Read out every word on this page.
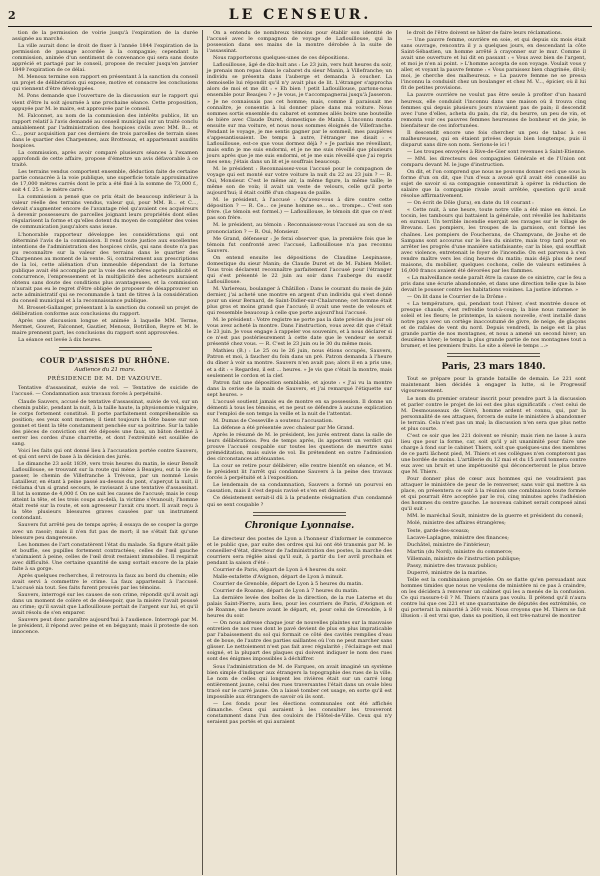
2	LE CENSEUR.

tion de la permission de voirie jusqu'à l'expiration de la durée assignée au marché.

La ville aurait donc le droit de fixer à l'année 1844 l'expiration de la permission de passage accordée à la compagnie; cependant la commission, animée d'un sentiment de convenance qui sera sans doute apprécié et partagé par le conseil, propose de reculer jusqu'en janvier 1849 l'expiration de ce délai.

M. Menoux termine son rapport en présentant à la sanction du conseil un projet de délibération qui expose, motive et consacre les conclusions qui viennent d'être développées.

M. Pons demande que l'ouverture de la discussion sur le rapport qui vient d'être lu soit ajournée à une prochaine séance. Cette proposition, appuyée par M. le maire, est approuvée par le conseil.

M. Falconnet, au nom de la commission des intérêts publics, lit un rapport relatif à l'avis demandé au conseil municipal sur un traité conclu amiablement par l'administration des hospices civils avec MM. B... et C..., pour acquisition par ces derniers de trois parcelles de terrain sises dans le quartier des Charpennes, aux Brotteaux, et appartenant auxdits hospices.

La commission, après avoir comparé plusieurs séances à l'examen approfondi de cette affaire, propose d'émettre un avis défavorable à ce traité.

Les terrains vendus comportent ensemble, déduction faite de certaine partie consacrée à la voie publique, une superficie totale approximative de 17,000 mètres carrés dont le prix a été fixé à la somme de 73,000 f., soit 4 f. 25 c. le mètre carré.

La commission a pensé que ce prix était de beaucoup inférieur à la valeur réelle des terrains vendus, valeur qui, pour MM. B... et C..., devait s'augmenter encore de l'avantage réel qu'avaient ces acquéreurs à devenir possesseurs de parcelles joignant leurs propriétés dont elles régularisent la forme et qu'elles dotent du moyen de compléter des voies de communication jusqu'alors sans issue.

L'honorable rapporteur développe les considérations qui ont déterminé l'avis de la commission. Il rend toute justice aux excellentes intentions de l'administration des hospices civils, qui sans doute n'a pas pu reconnaître sur la valeur des terrains dans le quartier des Charpennes au moment de la vente. Si, contrairement aux prescriptions de la loi, cette aliénation d'un immeuble dépendant de la fortune publique avait été accomplie par la voie des enchères après publicité et concurrence, l'empressement et la multiplicité des acheteurs auraient obtenu sans doute des conditions plus avantageuses, et la commission n'aurait pas eu le regret d'être obligée de proposer de désapprouver un acte administratif qui se recommande à tant de titres à la considération du conseil municipal et à la reconnaissance publique.

M. Brosset-Gallanger, présentant à la sanction du conseil un projet de délibération conforme aux conclusions du rapport.

Après une discussion longue et animée à laquelle MM. Terme, Mermet, Gouvet, Falconnet, Gautier, Menoux, Botrillon, Reyre et M. le maire prennent part, les conclusions du rapport sont approuvées.

La séance est levée à dix heures.

COUR D'ASSISES DU RHÔNE.
Audience du 21 mars.
PRÉSIDENCE DE M. DE VAZOUVE.

Tentative d'assassinat, suivie de vol. — Tentative de suicide de l'accusé. — Condamnation aux travaux forcés à perpétuité.

Claude Sauvers, accusé de tentative d'assassinat, suivie de vol, sur un chemin public, pendant la nuit, à la taille haute, la physionomie vulgaire, le corps fortement constitué. Il porte parfaitement compréhensible sa position; ses yeux sont mornes; il tient toujours la tête basse sur son gonnet et tient la tête constamment penchée sur sa poitrine. Sur la table des pièces de conviction ont été déposés une faux, un bâton destiné à serrer les cordes d'une charrette, et dont l'extrémité est souillée de sang.

Voici les faits qui ont donné lieu à l'accusation portée contre Sauvers, et qui ont servi de base à la décision des jurés.

Le dimanche 23 août 1839, vers trois heures du matin, le sieur Benoît Laflouillouse, se trouvant sur la route qui mène à Beaujeu, eut la vie de passer, le chemin de Villefranche à Trévoux, par un nommé Louis Latailleur, en étant à peine passé au-dessus du pont, s'aperçut la nuit, il réclama d'un si grand secours, le ravissant à une tentative d'assassinat. Il lut la somme de 4,000 f. On ne sait les causes de l'accusé; mais le coup atteint la tête, et les trois coups au-delà, la victime s'évanouit; l'homme était resté sur la route, et son agresseur l'avait cru mort. Il avait reçu à la tête plusieurs blessures graves causées par un instrument contondant.

Sauvers fut arrêté peu de temps après; il essaya de se couper la gorge avec un rasoir; mais il n'en fut pas de mort; il ne s'était fait qu'une blessure peu dangereuse.

Les hommes de l'art constatèrent l'état du malade. Sa figure était pâle et bouffie, ses pupilles fortement contractées; celles de l'œil gauche s'animaient à peine, celles de l'œil droit restaient immobiles. Il respirait avec difficulté. Une certaine quantité de sang sortait encore de la plaie faite à sa gorge.

Après quelques recherches, il retrouva la faux au bord du chemin; elle avait servi à commettre le crime. La faux appartenait à l'accusé. L'accusé nia tout. Ses faits furent prouvés par les témoins.

Sauvers, interrogé sur les causes de son crime, répondit qu'il avait agi dans un moment de colère et de désespoir, que la misère l'avait poussé au crime; qu'il savait que Laflouillouse portait de l'argent sur lui, et qu'il avait résolu de s'en emparer.

Sauvers peut donc paraître aujourd'hui à l'audience. Interrogé par M. le président, il répond avec peine et en bégayant; mais il proteste de son innocence.

On a entendu de nombreux témoins pour établir son identité de l'accusé avec le compagnon de voyage de Laflouillouse, qui la possession dans ses mains de la montre dérobée à la suite de l'assassinat.

Nous rapporterons quelques-unes de ces dépositions.

Laflouillouse, âgé de dix-huit ans : Le 23 juin, vers huit heures du soir, je prenais mon repas dans le cabaret du sieur Manin, à Villefranche; un individu se présenta dans l'auberge et demanda à coucher. La demoiselle lui répondit qu'il n'y avait plus de lit. L'étranger s'approcha alors de moi et me dit : « Eh bien ! petit Laflouillouse, partons-nous ensemble pour Beaujeu ? » Je vous, je t'accompagnerai jusqu'à Jasseron. » Je ne connaissais pas cet homme; mais, comme il paraissait me connaître, je consentis à lui donner place dans ma voiture. Nous sommes sortis ensemble du cabaret et sommes allés boire une bouteille de bière avec Claude Duret, domestique de Manin. L'inconnu monta ensuite sur ma voiture, et nous nous sommes éloignés de Villefranche. Pendant le voyage, je me sentis gagner par le sommeil, mes paupières s'appesantissaient. De temps à autre, l'étranger me disait : « Laflouillouse, est-ce que vous dormez déjà ? » Je parlais me réveillant, mais enfin je me suis endormi, et je ne me suis réveillé que plusieurs jours après que je me suis endormi, et je me suis réveillé que j'ai repris mes sens; j'étais dans un lit et je souffrais beaucoup.

M. le président : Reconnaissez-vous l'accusé pour le compagnon de voyage qui est monté sur votre voiture la nuit du 22 au 23 juin ? — R. Oui, Monsieur. C'est le même air, la même figure, la même taille; le même son de voix; il avait un veste de velours, celle qu'il porte aujourd'hui; il était coiffé d'un chapeau de paille.

M. le président, à l'accusé : Qu'avez-vous à dire contre cette déposition ? — R. Ce... ce jeune homme se... se... trompe... C'est son frère. (Le témoin est formel.) — Laflouillouse, le témoin dit que ce n'est pas son frère.

M. le président, au témoin : Reconnaissez-vous l'accusé au son de sa prononciation ? — R. Oui, Monsieur.

Me Grand, défenseur : Je ferai observer que, la première fois que le témoin fut confronté avec l'accusé, Laflouillouse n'a pas reconnu Sauvers.

On entend ensuite les dépositions de Claudine Lespinasse, domestique du sieur Manin; de Claude Duret et de M. Fabien Mollet. Tous trois déclarent reconnaître parfaitement l'accusé pour l'étranger qui s'est présenté le 22 juin au soir dans l'auberge du susdit Laflouillouse.

M. Varlereau, boulanger à Châtillon : Dans le courant du mois de juin dernier, j'ai acheté une montre en argent d'un individu qui s'est donné pour un sieur Bernard, de Saint-Didier-sur-Chalaronne; cet homme était plus gros et moins grand que l'accusé; il avait une veste de velours et qui ressemble beaucoup à celle que porte aujourd'hui l'accusé.

M. le président : Votre registre ne porte pas la date précise du jour où vous avez acheté la montre. Dans l'instruction, vous avez dit que c'était le 23 juin. Je vous engage à rappeler vos souvenirs, et à nous déclarer si ce n'est pas postérieurement à cette date que le vendeur se serait présenté chez vous. — R. C'est le 23 juin ou le 30 du même mois.

Mathieu (B.) : Le 25 ou le 26 juin, nous étions occupés, Sauvers, Patron et moi, à faucher du foin dans un pré. Patron demanda à l'heure du dîner à voir sa montre. Sauvers n'en avait pas; alors il en a pris une, et a dit : « Regardez, il est ... heures. » Je vis que c'était la montre, mais seulement le cordon et la clef.

Patron fait une déposition semblable, et ajoute : « J'ai vu la montre dans la cerise de la main de Sauvers, et j'ai remarqué l'étiquette sur sept heures. »

L'accusé soutient jamais eu de montre en sa possession. Il donne un démenti à tous les témoins, et ne peut se défendre à aucune explication sur l'emploi de son temps la veille et la nuit de l'attentat.

M. Dumas de Cesseville a soutenu l'accusation.

La défense a été présentée avec chaleur par Me Grand.

Après le résumé de M. le président, les jurés entrent dans la salle de leurs délibérations. Peu de temps après, ils apportent un verdict qui prouve l'accusé coupable sur toutes les questions de meurtre sans préméditation, mais suivie de vol. Ils prétendent en outre l'admission des circonstances atténuantes.

La cour se retire pour délibérer; elle rentre bientôt en séance, et M. le président lit l'arrêt qui condamne Sauvers à la peine des travaux forcés à perpétuité et à l'exposition.

Le lendemain de sa condamnation, Sauvers a formé un pourvoi en cassation, mais il s'est depuis ravisé et s'en est désisté.

Ce désistement serait-il dû à la prudente résignation d'un condamné qui se sent coupable ?

Chronique Lyonnaise.

Le directeur des postes de Lyon a l'honneur d'informer le commerce et le public que, par suite des ordres qui lui ont été transmis par M. le conseiller-d'état, directeur de l'administration des postes, la marche des courriers sera réglée ainsi qu'il suit, à partir du 1er avril prochain et pendant la saison d'été :

Courrier de Paris, départ de Lyon à 4 heures du soir.

Malle-estafette d'Avignon, départ de Lyon à minuit.

Courrier de Grenoble, départ de Lyon à 5 heures du matin.

Courrier de Roanne, départ de Lyon à 7 heures du matin.

La dernière levée des boîtes de la direction, de la rue Laterne et du palais Saint-Pierre, aura lieu, pour les courriers de Paris, d'Avignon et de Roanne, une heure avant le départ, et, pour celui de Grenoble, à 8 heures du soir.

— On nous adresse chaque jour de nouvelles plaintes sur la mauvaise entretien de nos rues dont le pavé devient de plus en plus impraticable par l'abaissement du sol qui formait ce côté des cavités remplies d'eau et de boue, de l'autre des parties saillantes où l'on ne peut marcher sans glisser. Le nettoiement n'est pas fait avec régularité ; l'éclairage est mal soigné, et la plupart des plaques qui doivent indiquer le nom des rues sont des énigmes impossibles à déchiffrer.

Sous l'administration de M. de Farques, on avait imaginé un système bien simple d'indiquer aux étrangers la topographie des rues de la ville. Le nom de celles qui longent les rivières était sur un carré long entièrement jaune, celui des rues traversantes l'était dans un ovale bleu tracé sur le carré jaune. On a laissé tomber cet usage, en sorte qu'il est impossible aux étrangers de savoir où ils sont.

— Les fonds pour les élections communales ont été affichés dimanche. Ceux qui auraient à les consulter les trouveront constamment dans l'un des couloirs de l'Hôtel-de-Ville. Ceux qui n'y seraient pas portés et qui auraient

le droit de l'être doivent se hâter de faire leurs réclamations.

— Une pauvre femme, ouvrière en soie, et qui depuis six mois était sans ouvrage, rencontra il y a quelques jours, en descendant la côte Saint-Sébastien, un homme arrêté à crayonner sur le mur. Comme il avait une ouverture et lui dit en passant : « Vous avez bien de l'argent, et moi je n'en ai point. » L'homme accepta de son voyage. Voulait vous y aller, et voyant la pauvre femme : « Vous paraissez bien chagrinée, dit-il; moi, je cherche des malheureux. » La pauvre femme ne se pressa l'inconnu la conduisit chez un boulanger et chez M. V..., épicier, où il lui fit de petites provisions.

La pauvre ouvrière ne voulut pas être seule à profiter d'un hasard heureux, elle conduisit l'inconnu dans une maison où il trouva cinq femmes qui depuis plusieurs jours n'avaient pas de pain; il descendit avec l'une d'elles, acheta du pain, du riz, du beurre, un peu de vin, et remonta voir ces pauvres femmes heureuses de bonheur et de joie, le bienfaiteur de ces infortunées.

Il descendit encore une fois chercher un peu de tabac à ces malheureuses, qui en étaient privées depuis bien longtemps, puis il disparut sans dire son nom. Serions-le ici !

— Les troupes envoyées à Rive-de-Gier sont revenues à Saint-Etienne.

— MM. les directeurs des compagnies Générale et de l'Union ont comparu devant M. le juge d'instruction.

On dit, et l'on comprend que nous ne pouvons donner ceci que sous la forme d'un on dit, que l'un d'eux a avoué qu'il avait été conseillé au sujet de savoir si sa compagnie consentirait à opérer la réduction de salaire que la compagnie rivale avait arrêtée, question qu'il avait résolue affirmativement.

— On écrit de Dôle (Jura), en date du 18 courant :

« Cette nuit, à une heure, toute notre ville a été mise en émoi. Le tocsin, les tambours qui battaient la générale, ont réveillé les habitants en sursaut. Un terrible incendie exerçait ses ravages sur le village de Brevans. Les pompiers, les troupes de la garnison, ont formé les chaînes. Les pompiers de Foucherans, de Champvans, de Jouhe et de Sampans sont accourus sur le lieu du sinistre, mais trop tard pour en arrêter les progrès d'une manière satisfaisante; car la bise, qui soufflait avec violence, entretenait le foyer de l'incendie. On est parvenu à s'en rendre maître vers les cinq heures du matin; mais déjà plus de neuf maisons, du mobilier, quelques cochons, celle de valeurs estimées à 16,000 francs avaient été dévorées par les flammes.

« La malveillance seule paraît être la cause de ce sinistre, car le feu a pris dans une écurie abandonnée, et dans une direction telle que la bise devait le pousser contre les habitations voisines. La justice informe. »

— On lit dans le Courrier de la Drôme :

« La température, qui, pendant tout l'hiver, s'est montrée douce et presque chaude, s'est refroidie tout-à-coup; la bise nous ramener le soleil et les fleurs; le printemps, la saison nouvelle, s'est installé dans notre pays avec un cortège inaccoutumé de givre, de neige, de glaçons et de rafales de vent du nord. Depuis vendredi, la neige est la plus grande partie de nos montagnes, et nous a amené un second hiver; un deuxième hiver; le temps la plus grande partie de nos montagnes tout a brumer, et les premiers fruits. Le site a élevé le temps ...»

Paris, 23 mars 1840.

Tout se prépare pour la grande bataille de demain. Le 221 sont maintenant bien décidés à engager la lutte, si le Progressif vigoureusement.

Le nom du premier orateur inscrit pour prendre part à la discussion et parler contre le projet de loi est des plus significatifs : c'est celui de M. Desmousseaux de Givré, homme ardent et connu, qui, par la personnalité de ses attaques, forcera de suite le ministère à abandonner le terrain. Cela n'est pas un mal; la discussion n'en sera que plus nette et plus courte.

C'est ce soir que les 221 doivent se réunir; mais rien ne lasse à aura lieu que pour la forme, car, soit qu'il y ait unanimité pour faire une charge à fond sur le cabinet Thiers, soit que quelques-uns des membres de ce parti lâchent pied, M. Thiers et ses collègues n'en compteront pas une bordée de moins. L'artillerie du 12 mai et du 15 avril tonnera contre eux avec un bruit et une impétuosité qui déconcerteront le plus brave que M. Thiers.

Pour donner plus de cœur aux hommes qui ne voudraient pas attaquer le ministère de peur de le renverser, sans voir qui mettre à sa place, on présentera ce soir à la réunion une combinaison toute formée et qui pourrait être acceptée par le roi, cinq minutes après l'adhésion des hommes du centre gauche. Le nouveau cabinet serait composé ainsi qu'il suit :

MM. le maréchal Soult, ministre de la guerre et président du conseil;

Molé, ministre des affaires étrangères;

Teste, garde-des-sceaux;

Lacave-Laplagne, ministre des finances;

Duchâtel, ministre de l'intérieur;

Martin (du Nord), ministre du commerce;

Villemain, ministre de l'instruction publique;

Passy, ministre des travaux publics;

Duperré, ministre de la marine.

Telle est la combinaison projetée. On se flatte qu'en persuadant aux hommes timides que nous ne voulons de ministère ni ce pas à craindre, on les décidera à renverser un cabinet qui les a menés de la confusion. Ce qui rassure-t-il ? M. Thiers n'aura pas voulu. Il prétend qu'il n'aura contre lui que ces 221 et une quarantaine de députés des extrémités, ce qui porterait la minorité à 260 voix. Nous croyons que M. Thiers se fait illusion : il est vrai que, dans sa position, il est très-naturel de montrer
